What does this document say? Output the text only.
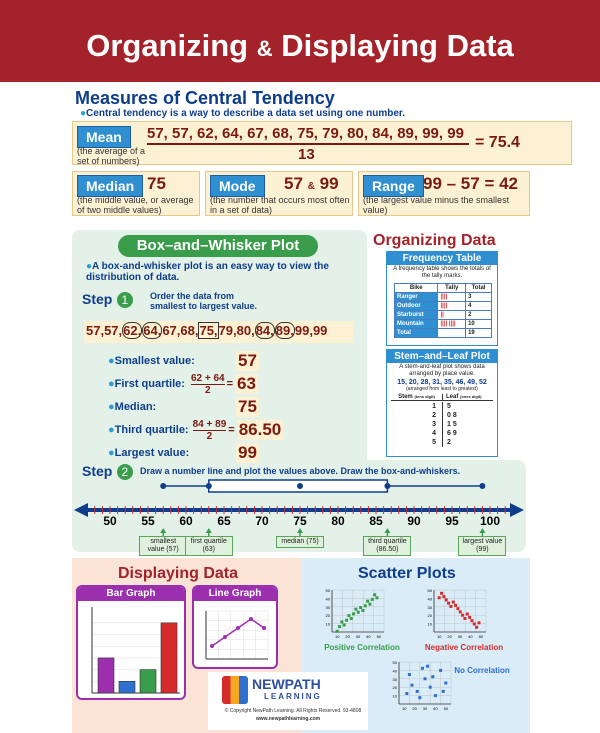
Organizing & Displaying Data
Measures of Central Tendency
● Central tendency is a way to describe a data set using one number.
Mean
(the average of a set of numbers)
57, 57, 62, 64, 67, 68, 75, 79, 80, 84, 89, 99, 99
13
= 75.4
Median 75
(the middle value, or average of two middle values)
Mode	57 & 99
(the number that occurs most often in a set of data)
Range 99 – 57 = 42
(the largest value minus the smallest value)
Box–and–Whisker Plot
● A box-and-whisker plot is an easy way to view the distribution of data.
Step 1	Order the data from smallest to largest value.
57,57,62, 64,67,68,75,79,80,84, 89,99,99
● Smallest value:	57
● First quartile: $\frac{62 + 64}{2} = 63$
● Median:	75
● Third quartile: $\frac{84 + 89}{2} = 86.50$
● Largest value:	99
Step 2	Draw a number line and plot the values above. Draw the box-and-whiskers.
50 55 60 65 70 75 80 85 90 95 100
Organizing Data
Frequency Table
A frequency table shows the totals of the tally marks.
Bike	Tally	Total
Ranger	||||	3
Outdoor	||||	4
Starburst	||	2
Mountain	|||| ||||	10
Total		19
Stem–and–Leaf Plot
A stem-and-leaf plot shows data arranged by place value.
15, 20, 28, 31, 35, 46, 49, 52
(arranged from least to greatest)
Stem (tens digit)	Leaf (ones digit)
1	5
2	0 8
3	1 5
4	6 9
5	2
Displaying Data	Scatter Plots
Bar Graph	Line Graph
NEWPATH
LEARNING
© Copyright NewPath Learning. All Rights Reserved. 93-4808
www.newpathlearning.com
50
40
30
20
10
10 20 30 40 50
50
40
30
20
10
10 20 30 40 50
50
40
30
20
10
10 20 30 40 50
Positive Correlation	Negative Correlation
No Correlation
smallest value (57)
first quartile (63)
median (75)	third quartile (86.50)
largest value (99)
